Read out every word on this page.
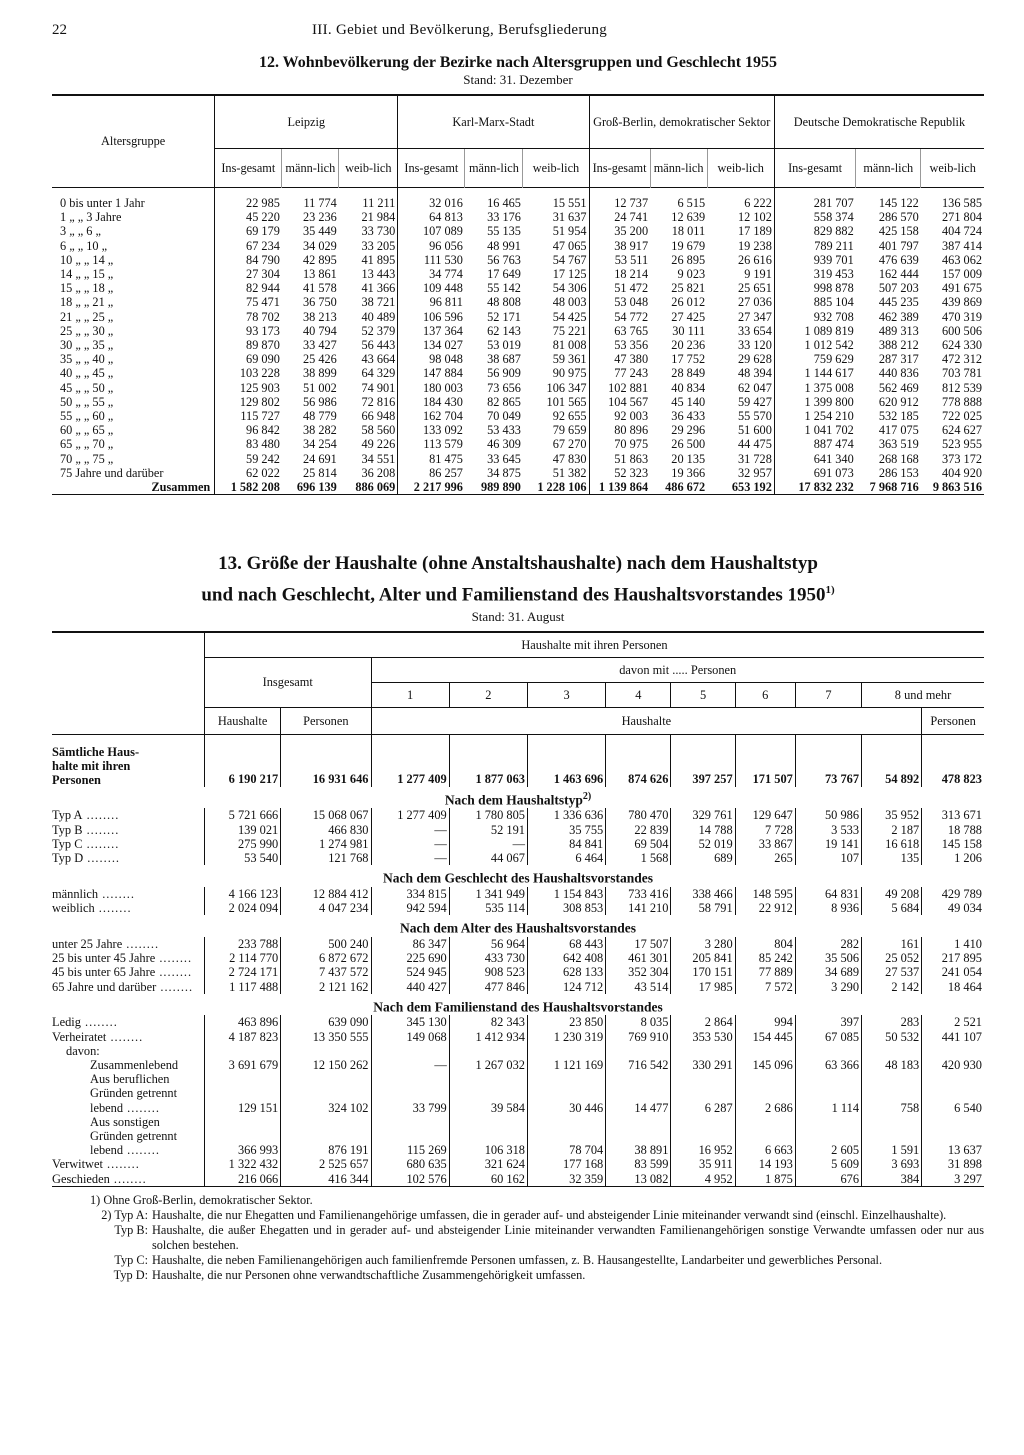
22	III. Gebiet und Bevölkerung, Berufsgliederung
12. Wohnbevölkerung der Bezirke nach Altersgruppen und Geschlecht 1955
Stand: 31. Dezember
Altersgruppe	Leipzig			Karl-Marx-Stadt			Groß-Berlin, demokratischer Sektor			Deutsche Demokratische Republik		
	Ins-gesamt	männ-lich	weib-lich	Ins-gesamt	männ-lich	weib-lich	Ins-gesamt	männ-lich	weib-lich	Ins-gesamt	männ-lich	weib-lich
0 bis unter 1 Jahr	22 985	11 774	11 211	32 016	16 465	15 551	12 737	6 515	6 222	281 707	145 122	136 585
1 „ „ 3 Jahre	45 220	23 236	21 984	64 813	33 176	31 637	24 741	12 639	12 102	558 374	286 570	271 804
3 „ „ 6 „	69 179	35 449	33 730	107 089	55 135	51 954	35 200	18 011	17 189	829 882	425 158	404 724
6 „ „ 10 „	67 234	34 029	33 205	96 056	48 991	47 065	38 917	19 679	19 238	789 211	401 797	387 414
10 „ „ 14 „	84 790	42 895	41 895	111 530	56 763	54 767	53 511	26 895	26 616	939 701	476 639	463 062
14 „ „ 15 „	27 304	13 861	13 443	34 774	17 649	17 125	18 214	9 023	9 191	319 453	162 444	157 009
15 „ „ 18 „	82 944	41 578	41 366	109 448	55 142	54 306	51 472	25 821	25 651	998 878	507 203	491 675
18 „ „ 21 „	75 471	36 750	38 721	96 811	48 808	48 003	53 048	26 012	27 036	885 104	445 235	439 869
21 „ „ 25 „	78 702	38 213	40 489	106 596	52 171	54 425	54 772	27 425	27 347	932 708	462 389	470 319
25 „ „ 30 „	93 173	40 794	52 379	137 364	62 143	75 221	63 765	30 111	33 654	1 089 819	489 313	600 506
30 „ „ 35 „	89 870	33 427	56 443	134 027	53 019	81 008	53 356	20 236	33 120	1 012 542	388 212	624 330
35 „ „ 40 „	69 090	25 426	43 664	98 048	38 687	59 361	47 380	17 752	29 628	759 629	287 317	472 312
40 „ „ 45 „	103 228	38 899	64 329	147 884	56 909	90 975	77 243	28 849	48 394	1 144 617	440 836	703 781
45 „ „ 50 „	125 903	51 002	74 901	180 003	73 656	106 347	102 881	40 834	62 047	1 375 008	562 469	812 539
50 „ „ 55 „	129 802	56 986	72 816	184 430	82 865	101 565	104 567	45 140	59 427	1 399 800	620 912	778 888
55 „ „ 60 „	115 727	48 779	66 948	162 704	70 049	92 655	92 003	36 433	55 570	1 254 210	532 185	722 025
60 „ „ 65 „	96 842	38 282	58 560	133 092	53 433	79 659	80 896	29 296	51 600	1 041 702	417 075	624 627
65 „ „ 70 „	83 480	34 254	49 226	113 579	46 309	67 270	70 975	26 500	44 475	887 474	363 519	523 955
70 „ „ 75 „	59 242	24 691	34 551	81 475	33 645	47 830	51 863	20 135	31 728	641 340	268 168	373 172
75 Jahre und darüber	62 022	25 814	36 208	86 257	34 875	51 382	52 323	19 366	32 957	691 073	286 153	404 920
Zusammen	1 582 208	696 139	886 069	2 217 996	989 890	1 228 106	1 139 864	486 672	653 192	17 832 232	7 968 716	9 863 516
13. Größe der Haushalte (ohne Anstaltshaushalte) nach dem Haushaltstyp
und nach Geschlecht, Alter und Familienstand des Haushaltsvorstandes 1950$^{1)}$
Stand: 31. August
	Haushalte mit ihren Personen										
	Insgesamt		davon mit ..... Personen								
			1	2	3	4	5	6	7	8 und mehr	
	Haushalte	Personen	Haushalte								Personen

Sämtliche Haus-
halte mit ihren
Personen	6 190 217	16 931 646	1 277 409	1 877 063	1 463 696	874 626	397 257	171 507	73 767	54 892	478 823
Nach dem Haushaltstyp$^{2)}$
Typ A ........	5 721 666	15 068 067	1 277 409	1 780 805	1 336 636	780 470	329 761	129 647	50 986	35 952	313 671
Typ B ........	139 021	466 830	—	52 191	35 755	22 839	14 788	7 728	3 533	2 187	18 788
Typ C ........	275 990	1 274 981	—	—	84 841	69 504	52 019	33 867	19 141	16 618	145 158
Typ D ........	53 540	121 768	—	44 067	6 464	1 568	689	265	107	135	1 206
Nach dem Geschlecht des Haushaltsvorstandes											
männlich ........	4 166 123	12 884 412	334 815	1 341 949	1 154 843	733 416	338 466	148 595	64 831	49 208	429 789
weiblich ........	2 024 094	4 047 234	942 594	535 114	308 853	141 210	58 791	22 912	8 936	5 684	49 034
Nach dem Alter des Haushaltsvorstandes											
unter 25 Jahre ........	233 788	500 240	86 347	56 964	68 443	17 507	3 280	804	282	161	1 410
25 bis unter 45 Jahre ........	2 114 770	6 872 672	225 690	433 730	642 408	461 301	205 841	85 242	35 506	25 052	217 895
45 bis unter 65 Jahre ........	2 724 171	7 437 572	524 945	908 523	628 133	352 304	170 151	77 889	34 689	27 537	241 054
65 Jahre und darüber ........	1 117 488	2 121 162	440 427	477 846	124 712	43 514	17 985	7 572	3 290	2 142	18 464
Nach dem Familienstand des Haushaltsvorstandes											
Ledig ........	463 896	639 090	345 130	82 343	23 850	8 035	2 864	994	397	283	2 521
Verheiratet ........	4 187 823	13 350 555	149 068	1 412 934	1 230 319	769 910	353 530	154 445	67 085	50 532	441 107
davon:											
Zusammenlebend	3 691 679	12 150 262	—	1 267 032	1 121 169	716 542	330 291	145 096	63 366	48 183	420 930
Aus beruflichen											
Gründen getrennt											
lebend ........	129 151	324 102	33 799	39 584	30 446	14 477	6 287	2 686	1 114	758	6 540
Aus sonstigen											
Gründen getrennt											
lebend ........	366 993	876 191	115 269	106 318	78 704	38 891	16 952	6 663	2 605	1 591	13 637
Verwitwet ........	1 322 432	2 525 657	680 635	321 624	177 168	83 599	35 911	14 193	5 609	3 693	31 898
Geschieden ........	216 066	416 344	102 576	60 162	32 359	13 082	4 952	1 875	676	384	3 297
1) Ohne Groß-Berlin, demokratischer Sektor.
2) Typ A: Haushalte, die nur Ehegatten und Familienangehörige umfassen, die in gerader auf- und absteigender Linie miteinander verwandt sind (einschl. Einzelhaushalte).
Typ B: Haushalte, die außer Ehegatten und in gerader auf- und absteigender Linie miteinander verwandten Familienangehörigen sonstige Verwandte umfassen oder nur aus solchen bestehen.
Typ C: Haushalte, die neben Familienangehörigen auch familienfremde Personen umfassen, z. B. Hausangestellte, Landarbeiter und gewerbliches Personal.
Typ D: Haushalte, die nur Personen ohne verwandtschaftliche Zusammengehörigkeit umfassen.
